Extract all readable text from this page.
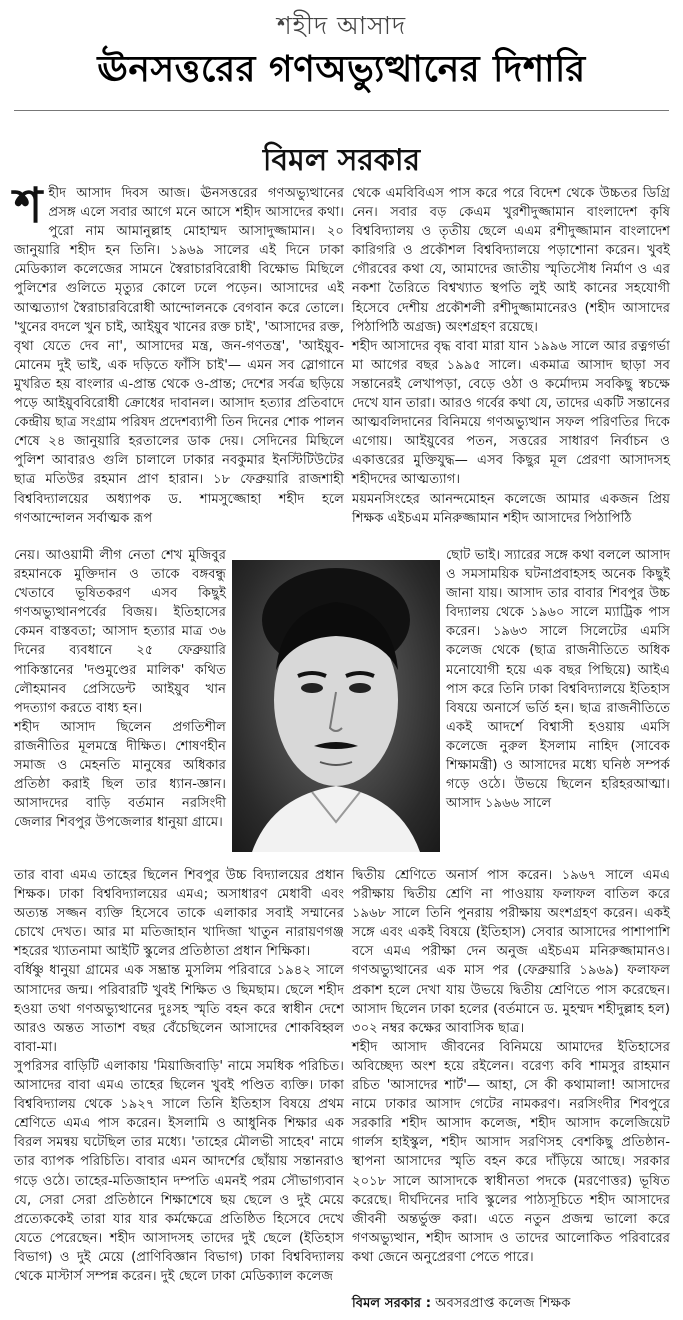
শহীদ আসাদ
ঊনসত্তরের গণঅভ্যুত্থানের দিশারি
বিমল সরকার

শহীদ আসাদ দিবস আজ। ঊনসত্তরের গণঅভ্যুত্থানের প্রসঙ্গ এলে সবার আগে মনে আসে শহীদ আসাদের কথা। পুরো নাম আমানুল্লাহ মোহাম্মদ আসাদুজ্জামান। ২০ জানুয়ারি শহীদ হন তিনি। ১৯৬৯ সালের এই দিনে ঢাকা মেডিক্যাল কলেজের সামনে স্বৈরাচারবিরোধী বিক্ষোভ মিছিলে পুলিশের গুলিতে মৃত্যুর কোলে ঢলে পড়েন। আসাদের এই আত্মত্যাগ স্বৈরাচারবিরোধী আন্দোলনকে বেগবান করে তোলে। 'খুনের বদলে খুন চাই, আইয়ুব খানের রক্ত চাই', 'আসাদের রক্ত, বৃথা যেতে দেব না', আসাদের মন্ত্র, জন-গণতন্ত্র', 'আইয়ুব-মোনেম দুই ভাই, এক দড়িতে ফাঁসি চাই'— এমন সব স্লোগানে মুখরিত হয় বাংলার এ-প্রান্ত থেকে ও-প্রান্ত; দেশের সর্বত্র ছড়িয়ে পড়ে আইয়ুববিরোধী ক্রোধের দাবানল। আসাদ হত্যার প্রতিবাদে কেন্দ্রীয় ছাত্র সংগ্রাম পরিষদ প্রদেশব্যাপী তিন দিনের শোক পালন শেষে ২৪ জানুয়ারি হরতালের ডাক দেয়। সেদিনের মিছিলে পুলিশ আবারও গুলি চালালে ঢাকার নবকুমার ইনস্টিটিউটের ছাত্র মতিউর রহমান প্রাণ হারান। ১৮ ফেব্রুয়ারি রাজশাহী বিশ্ববিদ্যালয়ের অধ্যাপক ড. শামসুজ্জোহা শহীদ হলে গণআন্দোলন সর্বাত্মক রূপ

নেয়। আওয়ামী লীগ নেতা শেখ মুজিবুর রহমানকে মুক্তিদান ও তাকে বঙ্গবন্ধু খেতাবে ভূষিতকরণ এসব কিছুই গণঅভ্যুত্থানপর্বের বিজয়। ইতিহাসের কেমন বাস্তবতা; আসাদ হত্যার মাত্র ৩৬ দিনের ব্যবধানে ২৫ ফেব্রুয়ারি পাকিস্তানের 'দণ্ডমুণ্ডের মালিক' কথিত লৌহমানব প্রেসিডেন্ট আইয়ুব খান পদত্যাগ করতে বাধ্য হন।

শহীদ আসাদ ছিলেন প্রগতিশীল রাজনীতির মূলমন্ত্রে দীক্ষিত। শোষণহীন সমাজ ও মেহনতি মানুষের অধিকার প্রতিষ্ঠা করাই ছিল তার ধ্যান-জ্ঞান। আসাদদের বাড়ি বর্তমান নরসিংদী জেলার শিবপুর উপজেলার ধানুয়া গ্রামে।

তার বাবা এমএ তাহের ছিলেন শিবপুর উচ্চ বিদ্যালয়ের প্রধান শিক্ষক। ঢাকা বিশ্ববিদ্যালয়ের এমএ; অসাধারণ মেধাবী এবং অত্যন্ত সজ্জন ব্যক্তি হিসেবে তাকে এলাকার সবাই সম্মানের চোখে দেখত। আর মা মতিজাহান খাদিজা খাতুন নারায়ণগঞ্জ শহরের খ্যাতনামা আইটি স্কুলের প্রতিষ্ঠাতা প্রধান শিক্ষিকা।

বর্ধিষ্ণু ধানুয়া গ্রামের এক সম্ভ্রান্ত মুসলিম পরিবারে ১৯৪২ সালে আসাদের জন্ম। পরিবারটি খুবই শিক্ষিত ও ছিমছাম। ছেলে শহীদ হওয়া তথা গণঅভ্যুত্থানের দুঃসহ স্মৃতি বহন করে স্বাধীন দেশে আরও অন্তত সাতাশ বছর বেঁচেছিলেন আসাদের শোকবিহ্বল বাবা-মা।

সুপরিসর বাড়িটি এলাকায় 'মিয়াজিবাড়ি' নামে সমধিক পরিচিত। আসাদের বাবা এমএ তাহের ছিলেন খুবই পণ্ডিত ব্যক্তি। ঢাকা বিশ্ববিদ্যালয় থেকে ১৯২৭ সালে তিনি ইতিহাস বিষয়ে প্রথম শ্রেণিতে এমএ পাস করেন। ইসলামি ও আধুনিক শিক্ষার এক বিরল সমন্বয় ঘটেছিল তার মধ্যে। 'তাহের মৌলভী সাহেব' নামে তার ব্যাপক পরিচিতি। বাবার এমন আদর্শের ছোঁয়ায় সন্তানরাও গড়ে ওঠে। তাহের-মতিজাহান দম্পতি এমনই পরম সৌভাগ্যবান যে, সেরা সেরা প্রতিষ্ঠানে শিক্ষাশেষে ছয় ছেলে ও দুই মেয়ে প্রত্যেককেই তারা যার যার কর্মক্ষেত্রে প্রতিষ্ঠিত হিসেবে দেখে যেতে পেরেছেন। শহীদ আসাদসহ তাদের দুই ছেলে (ইতিহাস বিভাগ) ও দুই মেয়ে (প্রাণিবিজ্ঞান বিভাগ) ঢাকা বিশ্ববিদ্যালয় থেকে মাস্টার্স সম্পন্ন করেন। দুই ছেলে ঢাকা মেডিক্যাল কলেজ

থেকে এমবিবিএস পাস করে পরে বিদেশ থেকে উচ্চতর ডিগ্রি নেন। সবার বড় কেএম খুরশীদুজ্জামান বাংলাদেশ কৃষি বিশ্ববিদ্যালয় ও তৃতীয় ছেলে এএম রশীদুজ্জামান বাংলাদেশ কারিগরি ও প্রকৌশল বিশ্ববিদ্যালয়ে পড়াশোনা করেন। খুবই গৌরবের কথা যে, আমাদের জাতীয় স্মৃতিসৌধ নির্মাণ ও এর নকশা তৈরিতে বিশ্বখ্যাত স্থপতি লুই আই কানের সহযোগী হিসেবে দেশীয় প্রকৌশলী রশীদুজ্জামানেরও (শহীদ আসাদের পিঠাপিঠি অগ্রজ) অংশগ্রহণ রয়েছে।

শহীদ আসাদের বৃদ্ধ বাবা মারা যান ১৯৯৬ সালে আর রত্নগর্ভা মা আগের বছর ১৯৯৫ সালে। একমাত্র আসাদ ছাড়া সব সন্তানেরই লেখাপড়া, বেড়ে ওঠা ও কর্মোদ্যম সবকিছু স্বচক্ষে দেখে যান তারা। আরও গর্বের কথা যে, তাদের একটি সন্তানের আত্মবলিদানের বিনিময়ে গণঅভ্যুত্থান সফল পরিণতির দিকে এগোয়। আইয়ুবের পতন, সত্তরের সাধারণ নির্বাচন ও একাত্তরের মুক্তিযুদ্ধ— এসব কিছুর মূল প্রেরণা আসাদসহ শহীদদের আত্মত্যাগ।

ময়মনসিংহের আনন্দমোহন কলেজে আমার একজন প্রিয় শিক্ষক এইচএম মনিরুজ্জামান শহীদ আসাদের পিঠাপিঠি

ছোট ভাই। স্যারের সঙ্গে কথা বললে আসাদ ও সমসাময়িক ঘটনাপ্রবাহসহ অনেক কিছুই জানা যায়। আসাদ তার বাবার শিবপুর উচ্চ বিদ্যালয় থেকে ১৯৬০ সালে ম্যাট্রিক পাস করেন। ১৯৬৩ সালে সিলেটের এমসি কলেজ থেকে (ছাত্র রাজনীতিতে অধিক মনোযোগী হয়ে এক বছর পিছিয়ে) আইএ পাস করে তিনি ঢাকা বিশ্ববিদ্যালয়ে ইতিহাস বিষয়ে অনার্সে ভর্তি হন। ছাত্র রাজনীতিতে একই আদর্শে বিশ্বাসী হওয়ায় এমসি কলেজে নুরুল ইসলাম নাহিদ (সাবেক শিক্ষামন্ত্রী) ও আসাদের মধ্যে ঘনিষ্ঠ সম্পর্ক গড়ে ওঠে। উভয়ে ছিলেন হরিহরআত্মা। আসাদ ১৯৬৬ সালে

দ্বিতীয় শ্রেণিতে অনার্স পাস করেন। ১৯৬৭ সালে এমএ পরীক্ষায় দ্বিতীয় শ্রেণি না পাওয়ায় ফলাফল বাতিল করে ১৯৬৮ সালে তিনি পুনরায় পরীক্ষায় অংশগ্রহণ করেন। একই সঙ্গে এবং একই বিষয়ে (ইতিহাস) সেবার আসাদের পাশাপাশি বসে এমএ পরীক্ষা দেন অনুজ এইচএম মনিরুজ্জামানও। গণঅভ্যুত্থানের এক মাস পর (ফেব্রুয়ারি ১৯৬৯) ফলাফল প্রকাশ হলে দেখা যায় উভয়ে দ্বিতীয় শ্রেণিতে পাস করেছেন। আসাদ ছিলেন ঢাকা হলের (বর্তমানে ড. মুহম্মদ শহীদুল্লাহ হল) ৩০২ নম্বর কক্ষের আবাসিক ছাত্র।

শহীদ আসাদ জীবনের বিনিময়ে আমাদের ইতিহাসের অবিচ্ছেদ্য অংশ হয়ে রইলেন। বরেণ্য কবি শামসুর রাহমান রচিত 'আসাদের শার্ট'— আহা, সে কী কথামালা! আসাদের নামে ঢাকার আসাদ গেটের নামকরণ। নরসিংদীর শিবপুরে সরকারি শহীদ আসাদ কলেজ, শহীদ আসাদ কলেজিয়েট গার্লস হাইস্কুল, শহীদ আসাদ সরণিসহ বেশকিছু প্রতিষ্ঠান-স্থাপনা আসাদের স্মৃতি বহন করে দাঁড়িয়ে আছে। সরকার ২০১৮ সালে আসাদকে স্বাধীনতা পদকে (মরণোত্তর) ভূষিত করেছে। দীর্ঘদিনের দাবি স্কুলের পাঠ্যসূচিতে শহীদ আসাদের জীবনী অন্তর্ভুক্ত করা। এতে নতুন প্রজন্ম ভালো করে গণঅভ্যুত্থান, শহীদ আসাদ ও তাদের আলোকিত পরিবারের কথা জেনে অনুপ্রেরণা পেতে পারে।

বিমল সরকার : অবসরপ্রাপ্ত কলেজ শিক্ষক
